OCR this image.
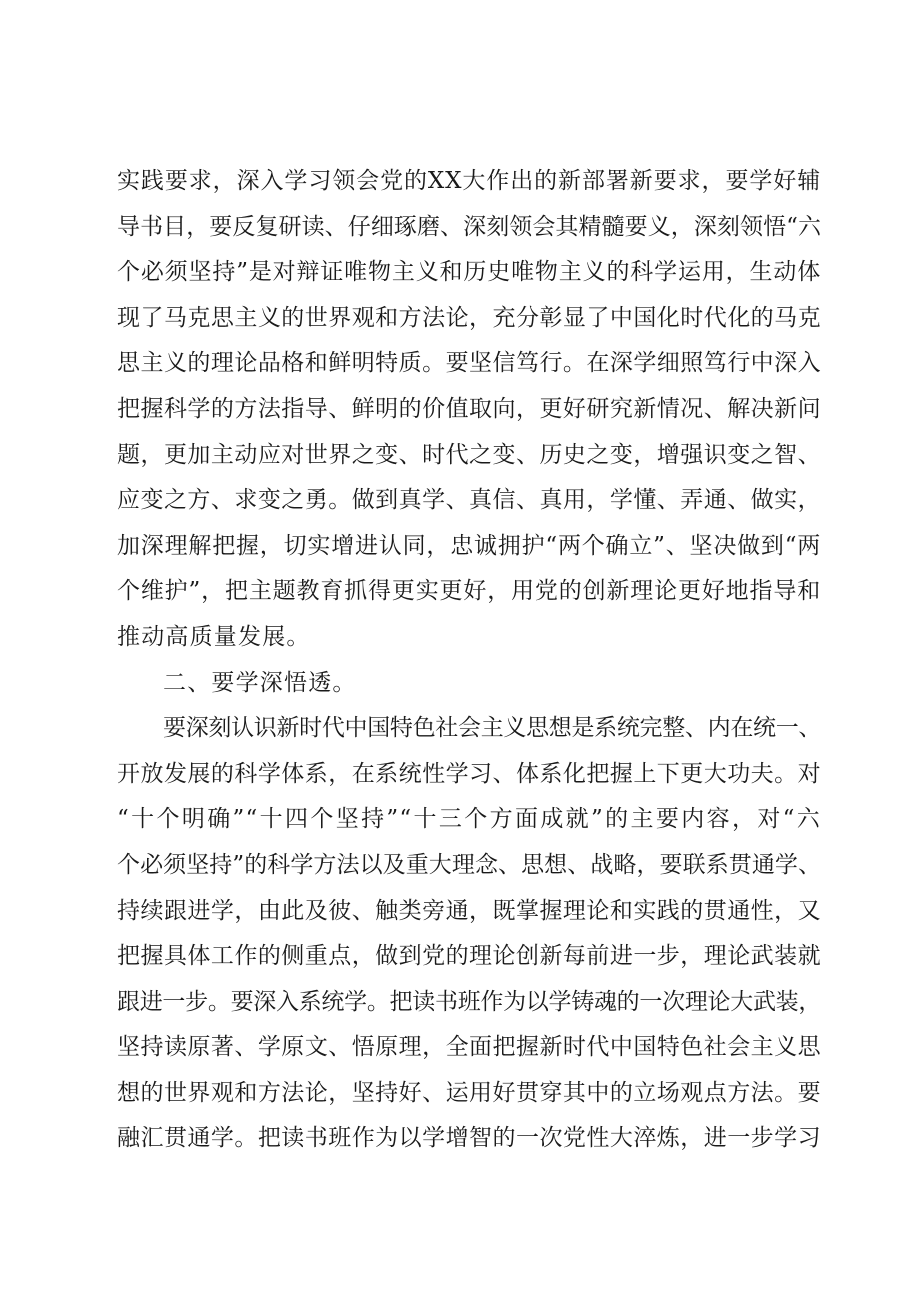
实践要求，深入学习领会党的XX大作出的新部署新要求，要学好辅
导书目，要反复研读、仔细琢磨、深刻领会其精髓要义，深刻领悟“六
个必须坚持”是对辩证唯物主义和历史唯物主义的科学运用，生动体
现了马克思主义的世界观和方法论，充分彰显了中国化时代化的马克
思主义的理论品格和鲜明特质。要坚信笃行。在深学细照笃行中深入
把握科学的方法指导、鲜明的价值取向，更好研究新情况、解决新问
题，更加主动应对世界之变、时代之变、历史之变，增强识变之智、
应变之方、求变之勇。做到真学、真信、真用，学懂、弄通、做实，
加深理解把握，切实增进认同，忠诚拥护“两个确立”、坚决做到“两
个维护”，把主题教育抓得更实更好，用党的创新理论更好地指导和
推动高质量发展。
二、要学深悟透。
要深刻认识新时代中国特色社会主义思想是系统完整、内在统一、
开放发展的科学体系，在系统性学习、体系化把握上下更大功夫。对
“十个明确”“十四个坚持”“十三个方面成就”的主要内容，对“六
个必须坚持”的科学方法以及重大理念、思想、战略，要联系贯通学、
持续跟进学，由此及彼、触类旁通，既掌握理论和实践的贯通性，又
把握具体工作的侧重点，做到党的理论创新每前进一步，理论武装就
跟进一步。要深入系统学。把读书班作为以学铸魂的一次理论大武装，
坚持读原著、学原文、悟原理，全面把握新时代中国特色社会主义思
想的世界观和方法论，坚持好、运用好贯穿其中的立场观点方法。要
融汇贯通学。把读书班作为以学增智的一次党性大淬炼，进一步学习
